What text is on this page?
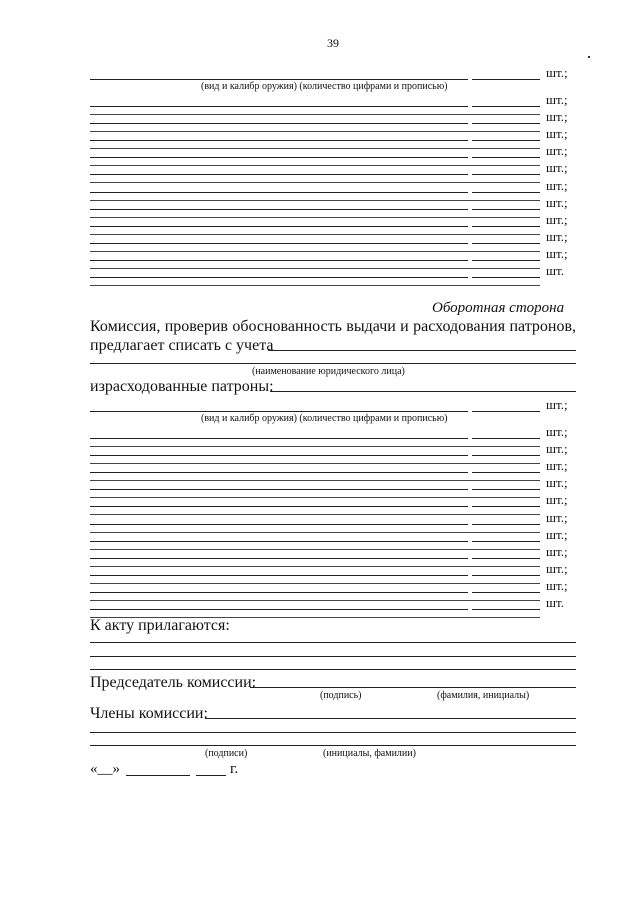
39
шт.;
(вид и калибр оружия) (количество цифрами и прописью)
шт.;
шт.;
шт.;
шт.;
шт.;
шт.;
шт.;
шт.;
шт.;
шт.;
шт.
Оборотная сторона
Комиссия, проверив обоснованность выдачи и расходования патронов,
предлагает списать с учета
(наименование юридического лица)
израсходованные патроны:
шт.;
(вид и калибр оружия) (количество цифрами и прописью)
шт.;
шт.;
шт.;
шт.;
шт.;
шт.;
шт.;
шт.;
шт.;
шт.;
шт.
К акту прилагаются:
Председатель комиссии:
(подпись)	(фамилия, инициалы)
Члены комиссии:
(подписи)	(инициалы, фамилии)
«__»	г.
